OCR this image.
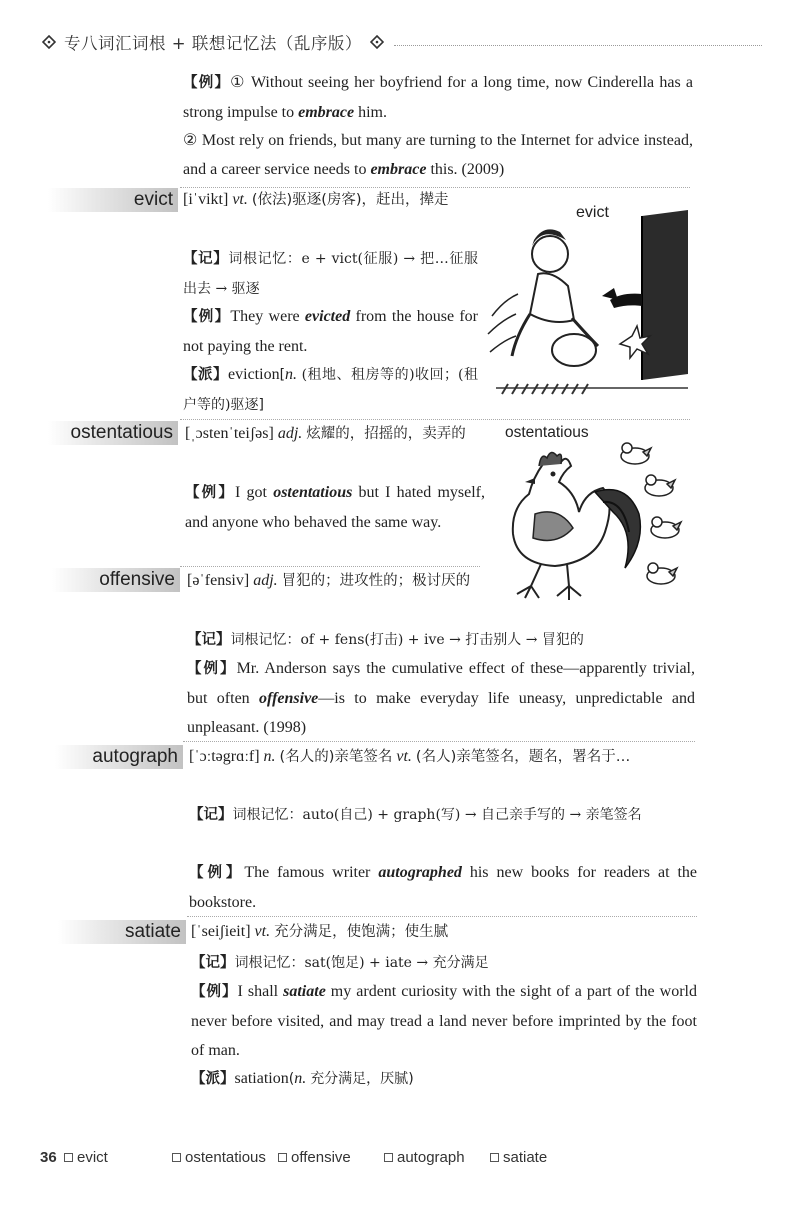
专八词汇词根 + 联想记忆法（乱序版）
【例】① Without seeing her boyfriend for a long time, now Cinderella has a strong impulse to embrace him.
② Most rely on friends, but many are turning to the Internet for advice instead, and a career service needs to embrace this. (2009)
evict [iˈvikt] vt. (依法)驱逐(房客)，赶出，撵走
【记】词根记忆：e + vict(征服) → 把…征服出去 → 驱逐
【例】They were evicted from the house for not paying the rent.
【派】eviction[n. (租地、租房等的)收回；(租户等的)驱逐]
evict
ostentatious [ˌɔstenˈteiʃəs] adj. 炫耀的，招摇的，卖弄的
【例】I got ostentatious but I hated myself, and anyone who behaved the same way.
ostentatious
offensive [əˈfensiv] adj. 冒犯的；进攻性的；极讨厌的
【记】词根记忆：of + fens(打击) + ive → 打击别人 → 冒犯的
【例】Mr. Anderson says the cumulative effect of these—apparently trivial, but often offensive—is to make everyday life uneasy, unpredictable and unpleasant. (1998)
autograph [ˈɔːtəgrɑːf] n. (名人的)亲笔签名 vt. (名人)亲笔签名，题名，署名于…
【记】词根记忆：auto(自己) + graph(写) → 自己亲手写的 → 亲笔签名
【例】The famous writer autographed his new books for readers at the bookstore.
satiate [ˈseiʃieit] vt. 充分满足，使饱满；使生腻
【记】词根记忆：sat(饱足) + iate → 充分满足
【例】I shall satiate my ardent curiosity with the sight of a part of the world never before visited, and may tread a land never before imprinted by the foot of man.
【派】satiation(n. 充分满足，厌腻)
36 evict	ostentatious offensive	autograph	satiate
